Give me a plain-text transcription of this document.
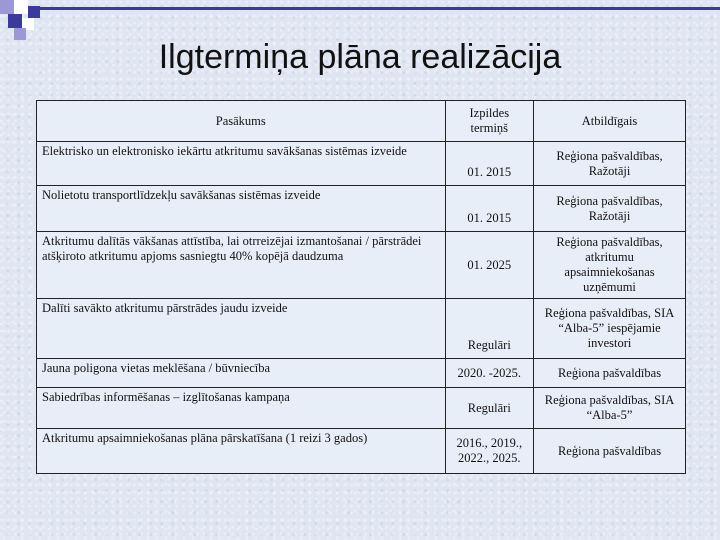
Ilgtermiņa plāna realizācija
Pasākums	Izpildes termiņš	Atbildīgais
Elektrisko un elektronisko iekārtu atkritumu savākšanas sistēmas izveide	01. 2015	Reģiona pašvaldības, Ražotāji
Nolietotu transportlīdzekļu savākšanas sistēmas izveide	01. 2015	Reģiona pašvaldības, Ražotāji
Atkritumu dalītās vākšanas attīstība, lai otrreizējai izmantošanai / pārstrādei atšķiroto atkritumu apjoms sasniegtu 40% kopējā daudzuma	01. 2025	Reģiona pašvaldības, atkritumu apsaimniekošanas uzņēmumi
Dalīti savākto atkritumu pārstrādes jaudu izveide	Regulāri	Reģiona pašvaldības, SIA “Alba-5” iespējamie investori
Jauna poligona vietas meklēšana / būvniecība	2020. -2025.	Reģiona pašvaldības
Sabiedrības informēšanas – izglītošanas kampaņa	Regulāri	Reģiona pašvaldības, SIA “Alba-5”
Atkritumu apsaimniekošanas plāna pārskatīšana (1 reizi 3 gados)	2016., 2019., 2022., 2025.	Reģiona pašvaldības
